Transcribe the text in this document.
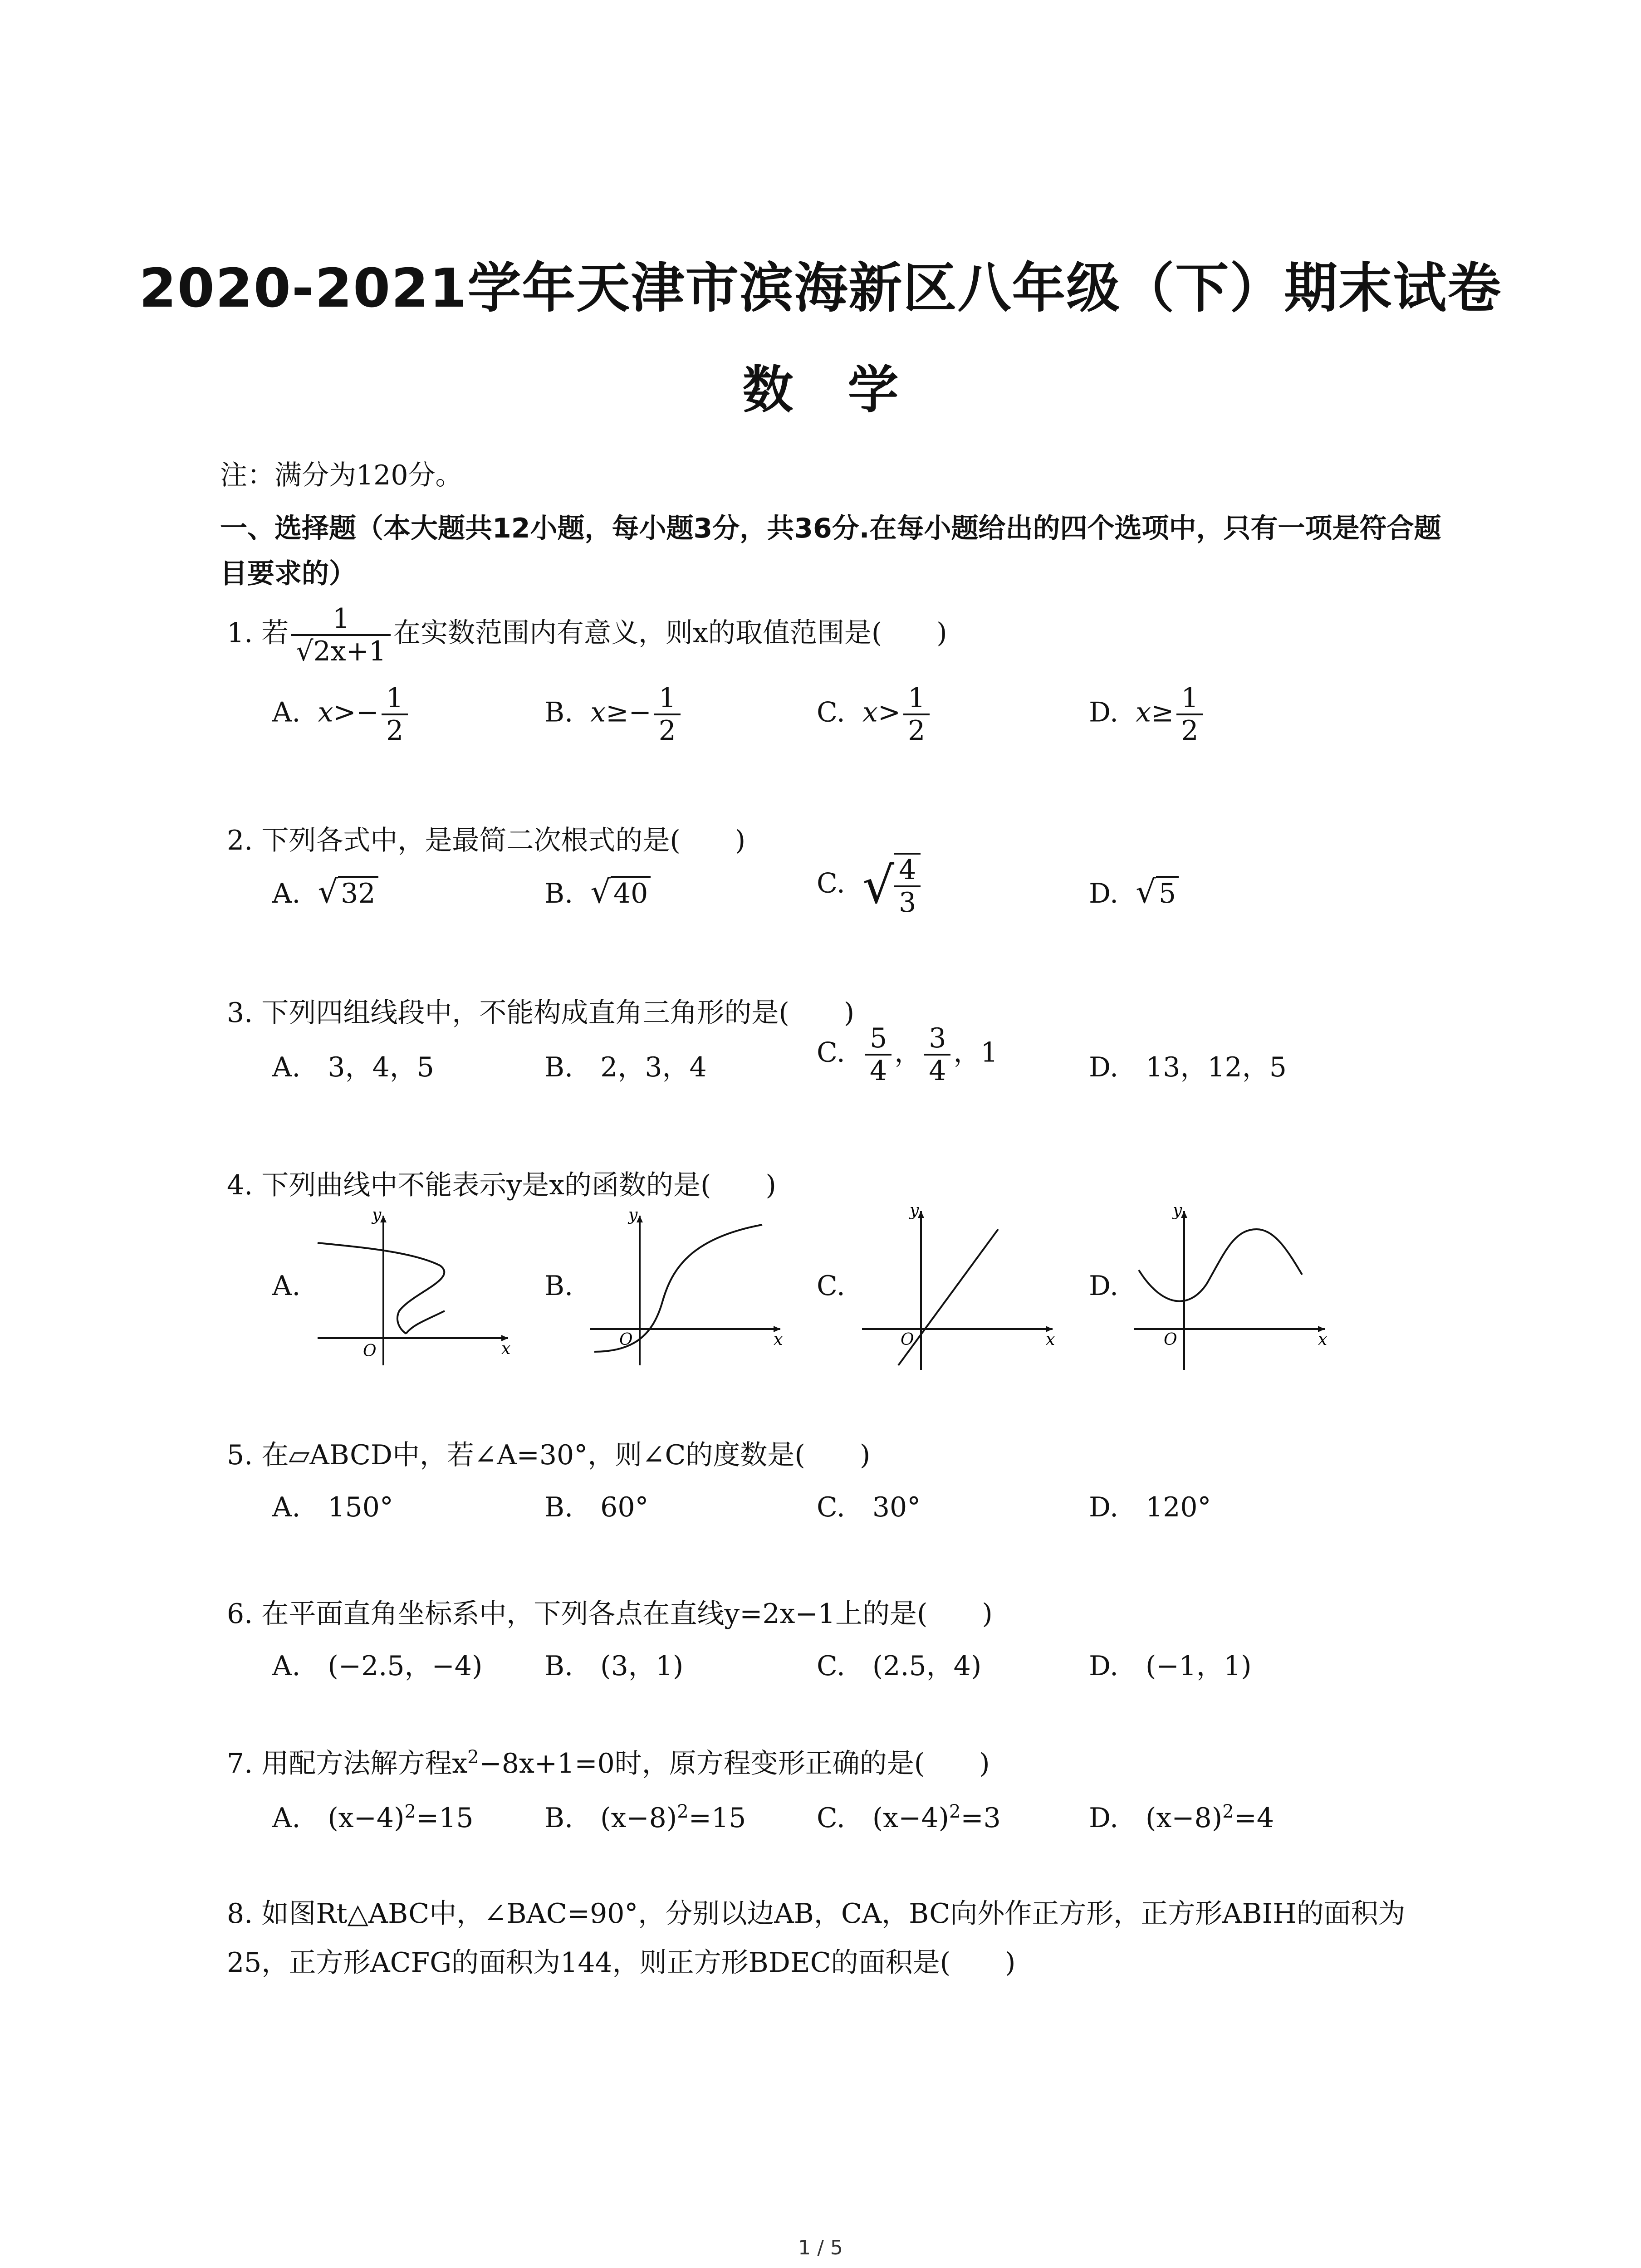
2020-2021学年天津市滨海新区八年级（下）期末试卷
数学
注：满分为120分。
一、选择题（本大题共12小题，每小题3分，共36分.在每小题给出的四个选项中，只有一项是符合题目要求的）
1. 若 $\frac{1}{√2x+1}$ 在实数范围内有意义，则x的取值范围是(　　)
A. $x>- \frac{1}{2}$	B. $x\ge- \frac{1}{2}$	C. $x> \frac{1}{2}$	D. $x\ge \frac{1}{2}$
2. 下列各式中，是最简二次根式的是(　　)
A. √ 32	B. √ 40	C. √ $\frac{4}{3}$	D. √ 5
3. 下列四组线段中，不能构成直角三角形的是(　　)
A.　3，4，5	B.　2，3，4	C. $\frac{5}{4}$ ， $\frac{3}{4}$ ，1	D.　13，12，5
4. 下列曲线中不能表示y是x的函数的是(　　)
A.
y
x
O
B.
y
x
O
C.
y
x
O
D.
y
x
O
5. 在▱ABCD中，若∠A=30°，则∠C的度数是(　　)
A.　150°	B.　60°	C.　30°	D.　120°
6. 在平面直角坐标系中，下列各点在直线y=2x−1上的是(　　)
A.　(−2.5，−4) B.　(3，1)	C.　(2.5，4)	D.　(−1，1)
7. 用配方法解方程$x^2-8x+1=0$时，原方程变形正确的是(　　)
A.　$(x-4)^2=15$	B.　$(x-8)^2=15$	C.　$(x-4)^2=3$	D.　$(x-8)^2=4$
8. 如图Rt△ABC中，∠BAC=90°，分别以边AB，CA，BC向外作正方形，正方形ABIH的面积为25，正方形ACFG的面积为144，则正方形BDEC的面积是(　　)
1 / 5
